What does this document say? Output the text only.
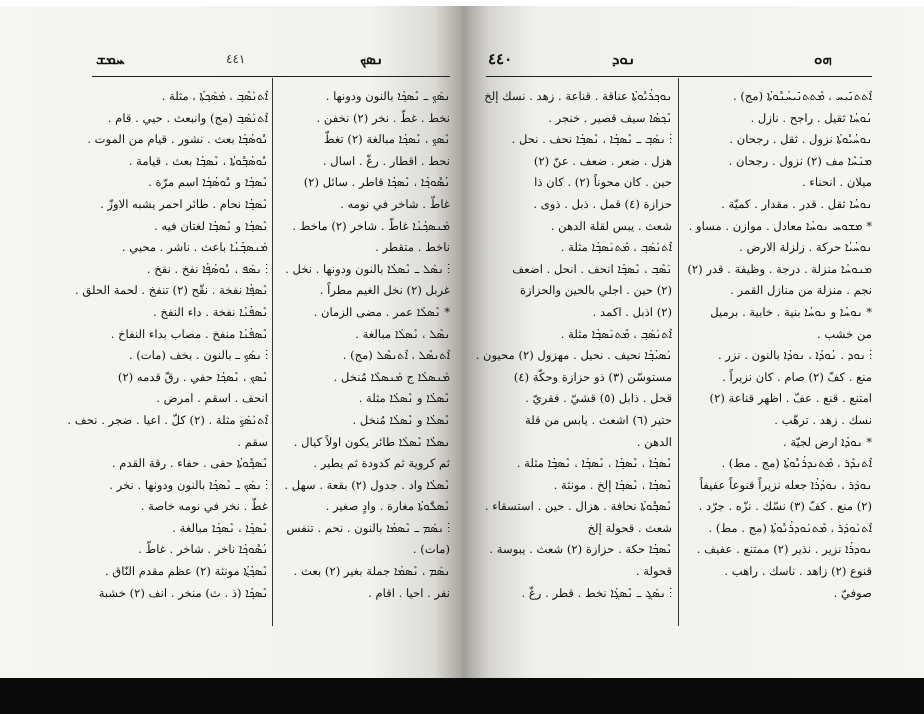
ܚܡܫ	٤٤١	ܢܣܟ
ܐܶܬܢܰܣܶܒ݂ ، ܡܰܣܰܟ݂ܬܳܐ ، مثلة .
ܐܶܬܢܰܣܰܒ݂ (مج) وانبعث . حيي . قام .
ܢܽܘܣܳܒ݂ܳܐ بعث . نشور . قيام من الموت .
ܢܽܘܣܳܒ݂ܽܘܬܳܐ ، ܢܶܣܒ݂ܳܐ بعث . قيامة .
ܢܶܣܒ݂ܳܐ و ܢܽܘܣܳܒ݂ܳܐ اسم مرّة .
ܢܶܣܒ݂ܳܐ نحام . طائر احمر يشبه الاوزّ .
ܢܶܣܒ݂ܳܐ و ܢܶܣܒ݂ܳܐ لغتان فيه .
ܡܰܢܣܒ݂ܳܢܳܐ باعث . ناشر . محيي .
⁝ ܢܣܰܦ ، ܢܽܘܣܳܦ݂ܳܐ نفخ . نقخ .
ܢܶܣܦ݂ܳܐ نفخة . نقّح (٢) تنفخ . لحمة الحلق .
ܢܶܣܦܳܢܳܐ نفخة . داء النفخ .
ܢܶܣܦܳܢܳܐ منفخ . مصاب بداء النفاخ .
⁝ ܢܣܰܟ݂ ـ بالنون . بخف (مات) .
ܢܶܣܟ ، ܢܶܣܟ݂ܳܐ حفي . رقّ قدمه (٢)
انحف . اسقم . امرض .
ܐܶܬܢܰܣܰܟ݂ مثلة . (٢) كلّ . اعيا . ضجر . نحف .
سقم .
ܢܶܣܟ݂ܽܘܬܳܐ حفى . حفاء . رقة القدم .
⁝ ܢܣܰܟ ـ ܢܶܣܟ݂ܳܐ بالنون ودونها . نخر .
غطّ . نخر في نومه خاصة .
ܢܶܣܟ݂ܳܐ ، ܢܶܣܟ݂ܳܐ مبالغة .
ܢܳܣܽܘܟ݂ܳܐ ناخر . شاخر . غاطّ .
ܢܶܣܟ݂ܳܬ݂ܳܐ مونثة (٢) عظم مقدم النّاق .
ܢܶܣܟ݂ܳܐ (ذ . ث) منخر . انف (٢) خشبة
ܢܣܰܟ݂ ـ ܢܶܣܟ݂ܳܐ بالنون ودونها .
نخط . غطّ . نخر (٢) نخفن .
ܢܶܣܟ݂ ، ܢܶܣܟ݂ܳܐ مبالغة (٢) تغطّ
نحط . اقطار . رغّ . اسال .
ܢܳܣܽܘܟ݂ܳܐ ، ܢܶܣܟ݂ܳܐ قاطر . سائل (٢)
غاطّ . شاخر في نومه .
ܡܰܢܣܟ݂ܳܢܳܐ غاطّ . شاخر (٢) ماخط .
ناخط . متقطر .
⁝ ܢܣܰܠ ـ ܢܶܣܠܳܐ بالنون ودونها . نخل .
غربل (٢) نخل الغيم مطراً .
* ܢܶܣܠܳܐ عمر . مضى الزمان .
ܢܣܶܠ ، ܢܶܣܠܳܐ مبالغة .
ܐܶܬܢܣܶܠ ، ܐܶܬܢܣܶܠ (مج) .
ܡܰܢܣܠܳܐ ج ܡܰܢܣܠܶܐ مُنخل .
ܢܶܣܠܳܐ و ܢܶܣܠܳܐ مثلة .
ܢܶܣܠܳܐ و ܢܶܣܠܳܐ مُنخل .
ܢܣܠܳܐ ܢܶܣܠܳܐ طائر يكون اولاً كيال .
ثم كروية ثم كدودة ثم يطير .
ܢܶܣܠܳܐ واد . جدول (٢) بقعة . سهل .
ܢܶܣܠܽܘܬܳܐ مغارة . وادٍ صغير .
⁝ ܢܣܰܡ ـ ܢܶܣܡܳܐ بالنون . نحم . تنفس
(مات) .
ܢܣܰܡ ، ܢܶܣܡܳܐ جملة بغير (٢) بعث .
نفر . احيا . اقام .
٤٤٠	ܢܘܕ	ܗܘ
ܢܘܟ݂ܪܳܝܽܘܬܳܐ عناقة . قناعة . زهد . نسك إلخ
ܢܶܟ݂ܣܳܐ سيف قصير . خنجر .
⁝ ܢܣܰܒ݂ ـ ܢܶܣܒ݂ܳܐ ، ܢܶܣܒ݂ܳܐ نحف . نحل .
هزل . ضعر . ضعف . عنّ (٢)
حين . كان محوناً (٢) . كان ذا
حزازة (٤) قمل . ذبل . ذوى .
شعث . يبس لقلة الدهن .
ܐܶܬܢܰܣܰܒ݂ ، ܡܶܬܢܰܣܒ݂ܳܐ مثلة .
ܢܰܣܶܒ݂ ، ܢܶܣܒ݂ܳܐ انحف . انحل . اضعف
(٢) حين . اجلي بالحين والحزازة
(٢) اذبل . اكمد .
ܐܶܬܢܰܣܰܒ݂ ، ܡܶܬܢܰܣܒ݂ܳܐ مثلة .
ܢܰܣܝܳܒ݂ܳܐ نحيف . نحيل . مهزول (٢) محيون .
مستوسّن (٣) ذو حزازة وحكّة (٤)
قحل . ذابل (٥) قشيّ . فقريّ .
حتير (٦) اشعث . يابس من قلة
الدهن .
ܢܶܣܒ݂ܳܐ ، ܢܶܣܒ݂ܳܐ ، ܢܶܣܒ݂ܳܐ ، ܢܶܣܒ݂ܳܐ مثلة .
ܢܶܣܒ݂ܳܐ ، ܢܶܣܒ݂ܳܐ إلخ . مونثة .
ܢܶܣܒ݂ܽܘܬܳܐ نحافة . هزال . حين . استسقاء .
شعث . قحولة إلخ
ܢܶܣܒ݂ܳܐ حكة . حزازة (٢) شعث . يبوسة .
قحولة .
⁝ ܢܣܰܓ݂ ـ ܢܶܣܓ݂ܳܐ نخط . قطر . رغّ .
ܐܶܬܬܢܺܝܚ ، ܡܶܬܬܢܺܝܚܳܢܽܘܬܳܐ (مج) .
ܢܳܘܚܳܐ ثقيل . راجح . نازل .
ܢܘܚܳܝܽܘܬܳܐ نزول . ثقل . رجحان .
ܡܢܰܚܶܐ مف (٢) نزول . رجحان .
ميلان . انحناء .
ܢܘܚܳܐ ثقل . قدر . مقدار . كميّة .
* ܡܫܘܚ ܢܘܚܳܐ معادل . موازن . مساو .
ܢܘܚܳܝܳܐ حركة . زلزلة الارض .
ܡܢܘܚܳܐ منزلة . درجة . وظيفة . قدر (٢)
نجم . منزلة من منازل القمر .
* ܢܘܚܳܐ و ܢܘܚܳܐ بنية . خابية . برميل
من خشب .
⁝ ܢܘܕ . ܢܳܘܕܳܐ ، ܢܘܕܳܐ بالنون . نزر .
منع . كفّ (٢) صام . كان نزيراً .
امتنع . قنع . عفّ . اظهر قناعة (٢)
نسك . زهد . ترهّب .
* ܢܘܕܳܐ ارض لجيّة .
ܐܶܬܢܕܶܪ ، ܡܶܬܢܕܪܳܢܽܘܬܳܐ (مج . مط) .
ܢܘܕܰܪ ، ܢܘܕܳܪܳܐ جعله نزيراً قنوعاً عفيفاً
(٢) منع . كفّ (٣) نسّك . نزّه . جرّد .
ܐܶܬܢܰܘܕܰܪ ، ܡܶܬܢܰܘܕܪܳܢܽܘܬܳܐ (مج . مط) .
ܢܘܕܪܳܐ نزير . نذير (٢) ممتنع . عفيف .
قنوع (٢) زاهد . ناسك . راهب .
صوفيّ .
